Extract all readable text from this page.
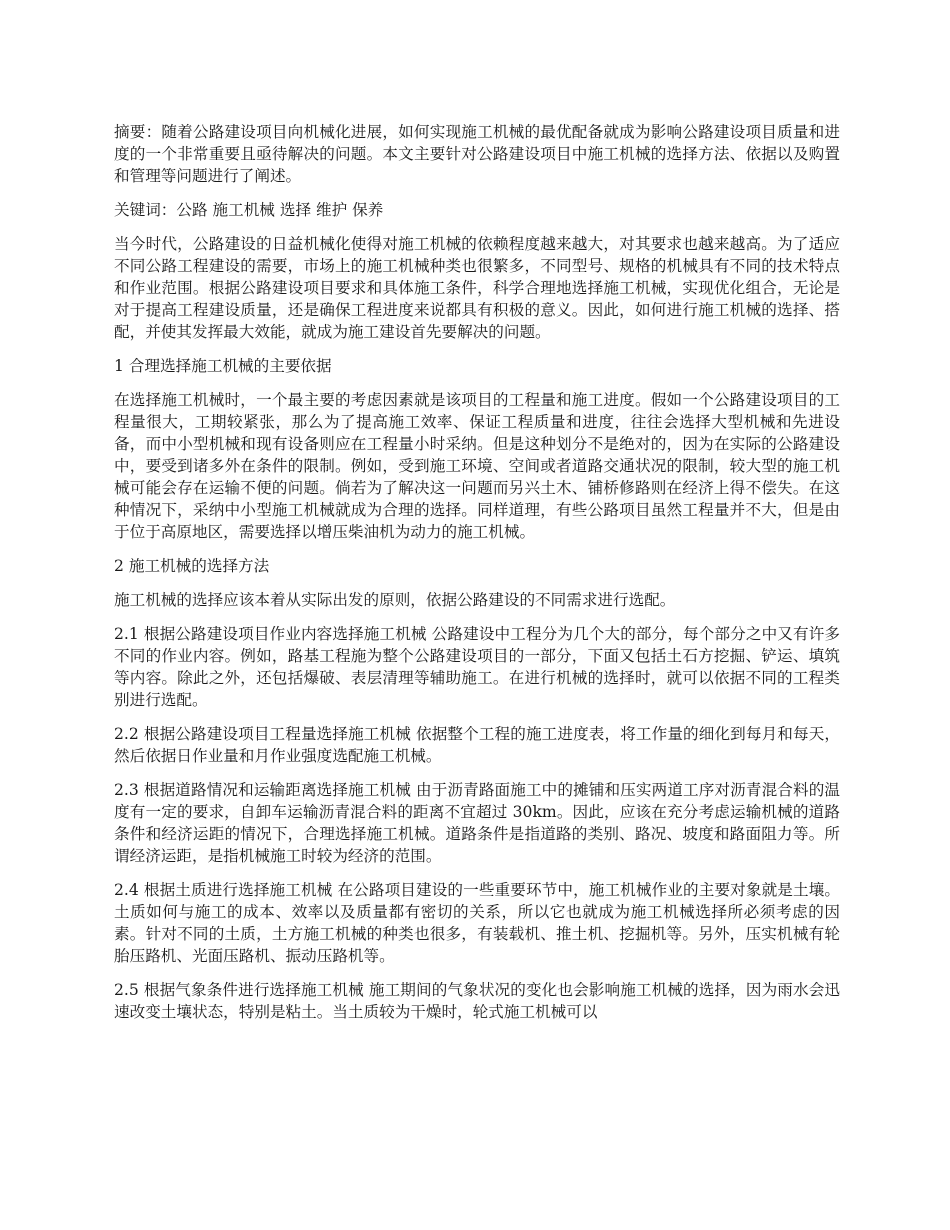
摘要：随着公路建设项目向机械化进展，如何实现施工机械的最优配备就成为影响公路建设项目质量和进度的一个非常重要且亟待解决的问题。本文主要针对公路建设项目中施工机械的选择方法、依据以及购置和管理等问题进行了阐述。

关键词：公路 施工机械 选择 维护 保养

当今时代，公路建设的日益机械化使得对施工机械的依赖程度越来越大，对其要求也越来越高。为了适应不同公路工程建设的需要，市场上的施工机械种类也很繁多，不同型号、规格的机械具有不同的技术特点和作业范围。根据公路建设项目要求和具体施工条件，科学合理地选择施工机械，实现优化组合，无论是对于提高工程建设质量，还是确保工程进度来说都具有积极的意义。因此，如何进行施工机械的选择、搭配，并使其发挥最大效能，就成为施工建设首先要解决的问题。

1 合理选择施工机械的主要依据

在选择施工机械时，一个最主要的考虑因素就是该项目的工程量和施工进度。假如一个公路建设项目的工程量很大，工期较紧张，那么为了提高施工效率、保证工程质量和进度，往往会选择大型机械和先进设备，而中小型机械和现有设备则应在工程量小时采纳。但是这种划分不是绝对的，因为在实际的公路建设中，要受到诸多外在条件的限制。例如，受到施工环境、空间或者道路交通状况的限制，较大型的施工机械可能会存在运输不便的问题。倘若为了解决这一问题而另兴土木、铺桥修路则在经济上得不偿失。在这种情况下，采纳中小型施工机械就成为合理的选择。同样道理，有些公路项目虽然工程量并不大，但是由于位于高原地区，需要选择以增压柴油机为动力的施工机械。

2 施工机械的选择方法

施工机械的选择应该本着从实际出发的原则，依据公路建设的不同需求进行选配。

2.1 根据公路建设项目作业内容选择施工机械 公路建设中工程分为几个大的部分，每个部分之中又有许多不同的作业内容。例如，路基工程施为整个公路建设项目的一部分，下面又包括土石方挖掘、铲运、填筑等内容。除此之外，还包括爆破、表层清理等辅助施工。在进行机械的选择时，就可以依据不同的工程类别进行选配。

2.2 根据公路建设项目工程量选择施工机械 依据整个工程的施工进度表，将工作量的细化到每月和每天，然后依据日作业量和月作业强度选配施工机械。

2.3 根据道路情况和运输距离选择施工机械 由于沥青路面施工中的摊铺和压实两道工序对沥青混合料的温度有一定的要求，自卸车运输沥青混合料的距离不宜超过 30km。因此，应该在充分考虑运输机械的道路条件和经济运距的情况下，合理选择施工机械。道路条件是指道路的类别、路况、坡度和路面阻力等。所谓经济运距，是指机械施工时较为经济的范围。

2.4 根据土质进行选择施工机械 在公路项目建设的一些重要环节中，施工机械作业的主要对象就是土壤。土质如何与施工的成本、效率以及质量都有密切的关系，所以它也就成为施工机械选择所必须考虑的因素。针对不同的土质，土方施工机械的种类也很多，有装载机、推土机、挖掘机等。另外，压实机械有轮胎压路机、光面压路机、振动压路机等。

2.5 根据气象条件进行选择施工机械 施工期间的气象状况的变化也会影响施工机械的选择，因为雨水会迅速改变土壤状态，特别是粘土。当土质较为干燥时，轮式施工机械可以
